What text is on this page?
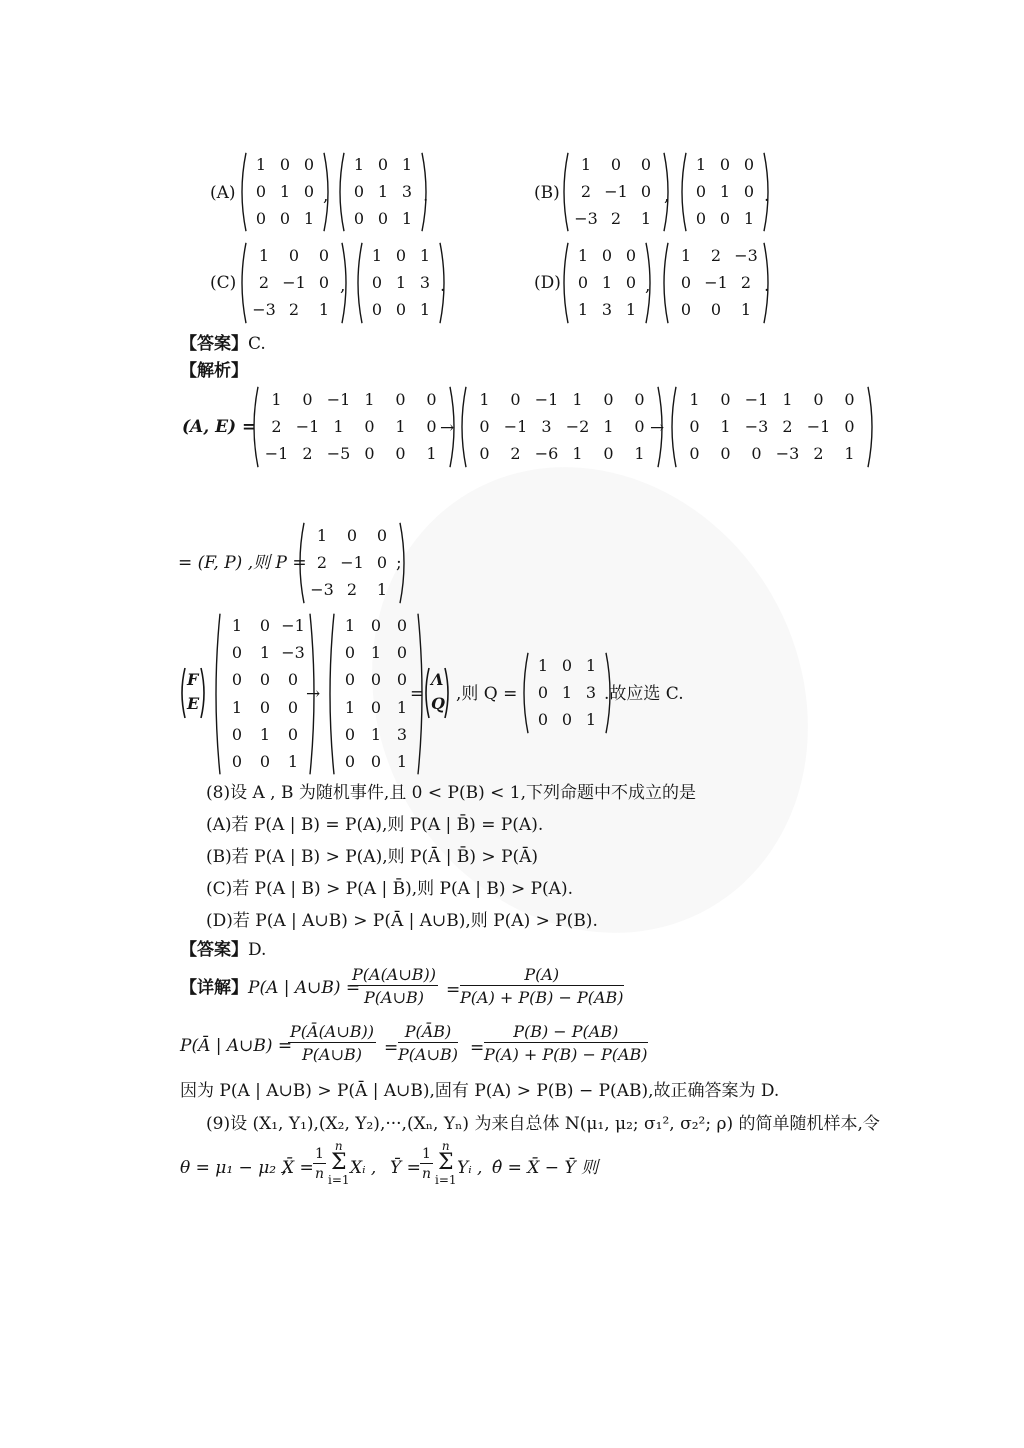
(A)
1 0 0
0 1 0
0 0 1
,
1 0 1
0 1 3
0 0 1
.	(B)
1 0 0
2 −1 0
−3 2 1
,
1 0 0
0 1 0
0 0 1
.
(C)
1 0 0
2 −1 0
−3 2 1
,
1 0 1
0 1 3
0 0 1
.	(D)
1 0 0
0 1 0
1 3 1
,
1 2 −3
0 −1 2
0 0 1
.
【答案】C.
【解析】
(A, E) =
1 0 −1 1 0 0
2 −1 1 0 1 0
−1 2 −5 0 0 1
→
1 0 −1 1 0 0
0 −1 3 −2 1 0
0 2 −6 1 0 1
→
1 0 −1 1 0 0
0 1 −3 2 −1 0
0 0 0 −3 2 1
= (F, P) ,则 P =
1 0 0
2 −1 0
−3 2 1
;
F
E
1 0 −1
0 1 −3
0 0 0
1 0 0
0 1 0
0 0 1
→
1 0 0
0 1 0
0 0 0
1 0 1
0 1 3
0 0 1
=
Λ
Q ,则 Q =
1 0 1
0 1 3
0 0 1
.故应选 C.
(8)设 A , B 为随机事件,且 0 < P(B) < 1,下列命题中不成立的是
(A)若 P(A | B) = P(A),则 P(A | B̄) = P(A).
(B)若 P(A | B) > P(A),则 P(Ā | B̄) > P(Ā)
(C)若 P(A | B) > P(A | B̄),则 P(A | B) > P(A).
(D)若 P(A | A∪B) > P(Ā | A∪B),则 P(A) > P(B).
【答案】D.
【详解】P(A | A∪B) =
$\frac{P(A(A\cup B))}{P(A\cup B)} = \frac{P(A)}{P(A) + P(B) - P(AB)}$
P(Ā | A∪B) =
$\frac{P(Ā(A\cup B))}{P(A\cup B)} = \frac{P(ĀB)}{P(A\cup B)} = \frac{P(B) - P(AB)}{P(A) + P(B) - P(AB)}$
因为 P(A | A∪B) > P(Ā | A∪B),固有 P(A) > P(B) − P(AB),故正确答案为 D.
(9)设 (X₁, Y₁),(X₂, Y₂),···,(Xₙ, Yₙ) 为来自总体 N(μ₁, μ₂; σ₁², σ₂²; ρ) 的简单随机样本,令
θ = μ₁ − μ₂ ,
X̄ = $\frac{1}{n}$ n
Σ
i=1
Xᵢ , Ȳ = $\frac{1}{n}$ n
Σ
i=1
Yᵢ , θ̂ = X̄ − Ȳ 则
